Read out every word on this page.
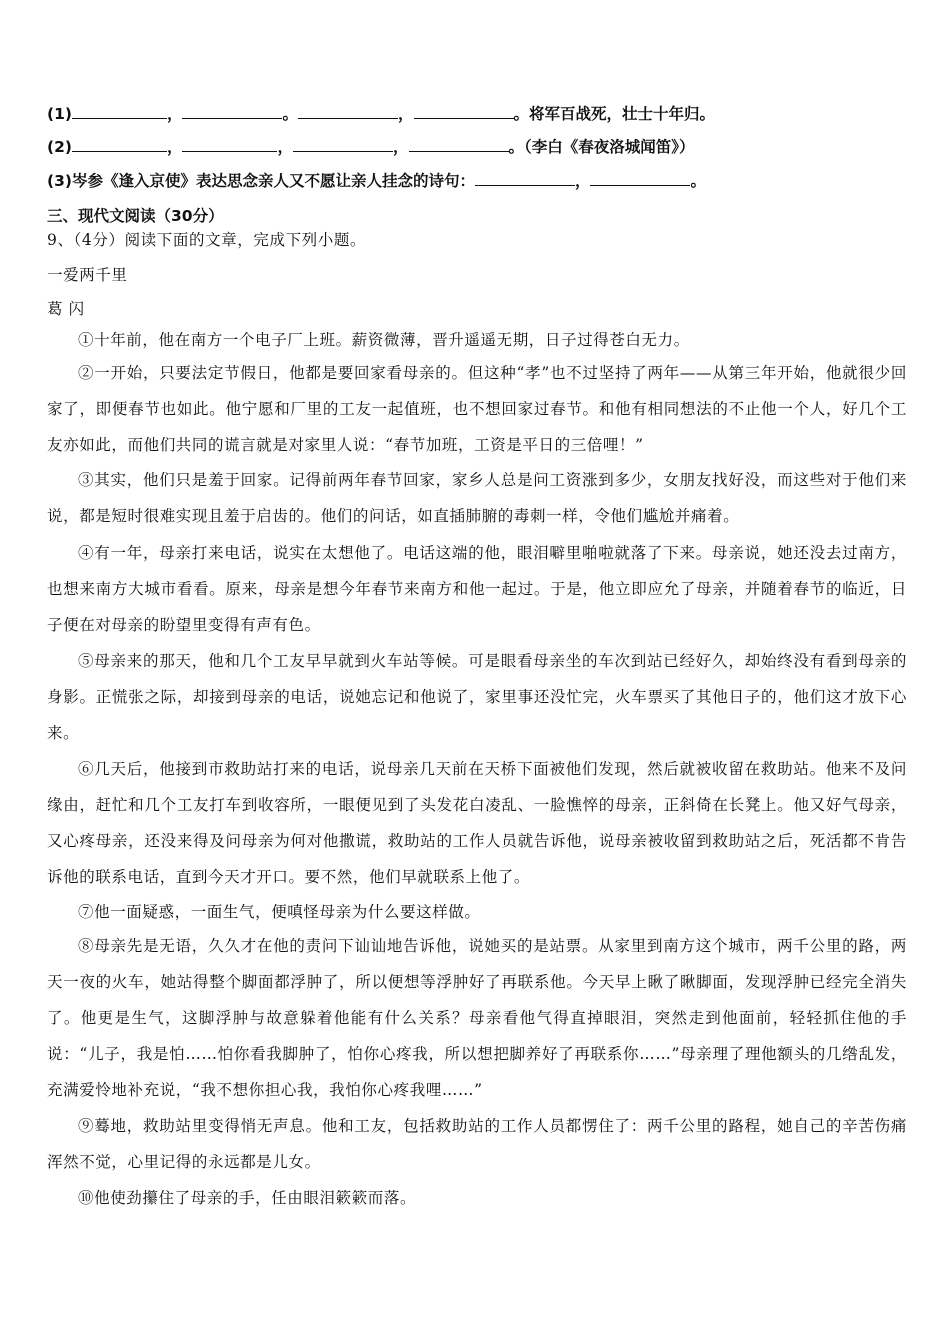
(1)	，	。	，	。将军百战死，壮士十年归。
(2)	，	，	，	。（李白《春夜洛城闻笛》）
(3)岑参《逢入京使》表达思念亲人又不愿让亲人挂念的诗句：	，	。
三、现代文阅读（30分）
9、（4分）阅读下面的文章，完成下列小题。
一爱两千里
葛 闪
①十年前，他在南方一个电子厂上班。薪资微薄，晋升遥遥无期，日子过得苍白无力。
②一开始，只要法定节假日，他都是要回家看母亲的。但这种“孝”也不过坚持了两年——从第三年开始，他就很少回家了，即便春节也如此。他宁愿和厂里的工友一起值班，也不想回家过春节。和他有相同想法的不止他一个人，好几个工友亦如此，而他们共同的谎言就是对家里人说：“春节加班，工资是平日的三倍哩！”
③其实，他们只是羞于回家。记得前两年春节回家，家乡人总是问工资涨到多少，女朋友找好没，而这些对于他们来说，都是短时很难实现且羞于启齿的。他们的问话，如直插肺腑的毒刺一样，令他们尴尬并痛着。
④有一年，母亲打来电话，说实在太想他了。电话这端的他，眼泪噼里啪啦就落了下来。母亲说，她还没去过南方，也想来南方大城市看看。原来，母亲是想今年春节来南方和他一起过。于是，他立即应允了母亲，并随着春节的临近，日子便在对母亲的盼望里变得有声有色。
⑤母亲来的那天，他和几个工友早早就到火车站等候。可是眼看母亲坐的车次到站已经好久，却始终没有看到母亲的身影。正慌张之际，却接到母亲的电话，说她忘记和他说了，家里事还没忙完，火车票买了其他日子的，他们这才放下心来。
⑥几天后，他接到市救助站打来的电话，说母亲几天前在天桥下面被他们发现，然后就被收留在救助站。他来不及问缘由，赶忙和几个工友打车到收容所，一眼便见到了头发花白凌乱、一脸憔悴的母亲，正斜倚在长凳上。他又好气母亲，又心疼母亲，还没来得及问母亲为何对他撒谎，救助站的工作人员就告诉他，说母亲被收留到救助站之后，死活都不肯告诉他的联系电话，直到今天才开口。要不然，他们早就联系上他了。
⑦他一面疑惑，一面生气，便嗔怪母亲为什么要这样做。
⑧母亲先是无语，久久才在他的责问下讪讪地告诉他，说她买的是站票。从家里到南方这个城市，两千公里的路，两天一夜的火车，她站得整个脚面都浮肿了，所以便想等浮肿好了再联系他。今天早上瞅了瞅脚面，发现浮肿已经完全消失了。他更是生气，这脚浮肿与故意躲着他能有什么关系？母亲看他气得直掉眼泪，突然走到他面前，轻轻抓住他的手说：“儿子，我是怕……怕你看我脚肿了，怕你心疼我，所以想把脚养好了再联系你……”母亲理了理他额头的几绺乱发，充满爱怜地补充说，“我不想你担心我，我怕你心疼我哩……”
⑨蓦地，救助站里变得悄无声息。他和工友，包括救助站的工作人员都愣住了：两千公里的路程，她自己的辛苦伤痛浑然不觉，心里记得的永远都是儿女。
⑩他使劲攥住了母亲的手，任由眼泪簌簌而落。
